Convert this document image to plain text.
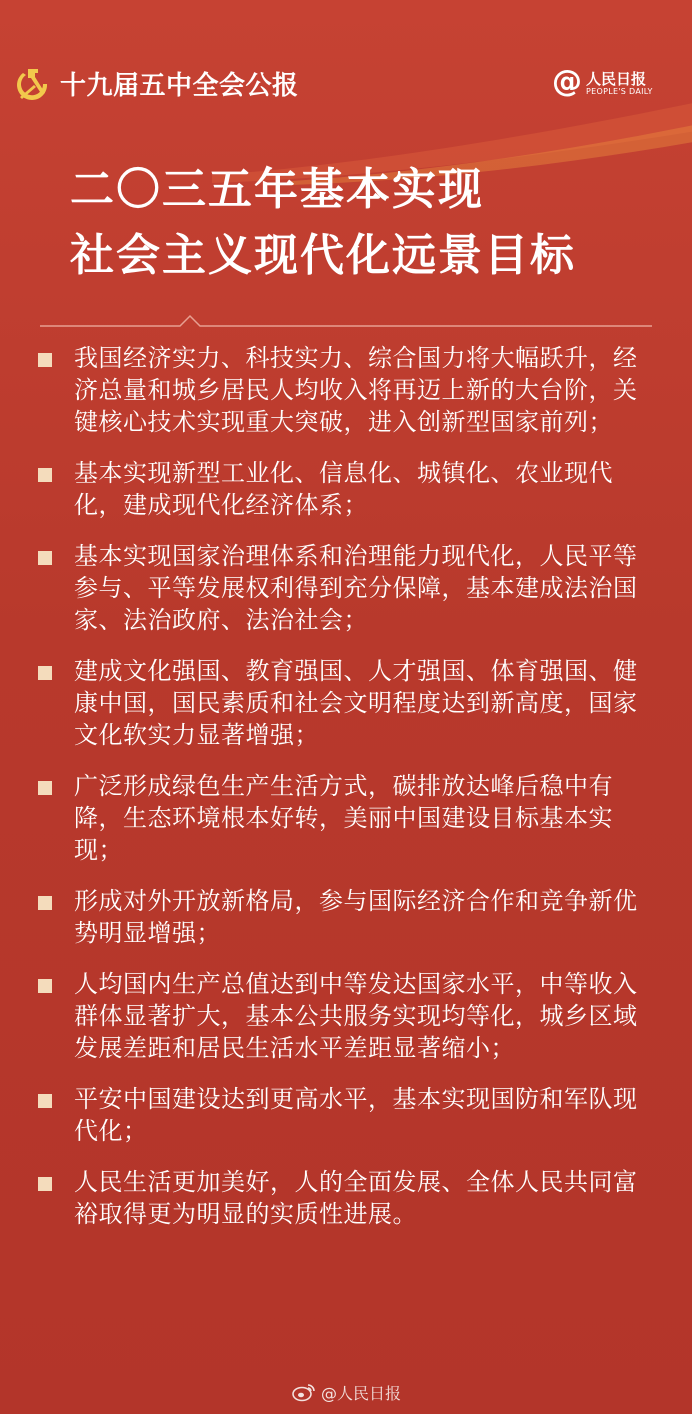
十九届五中全会公报	@ 人民日报
PEOPLE'S DAILY
二〇三五年基本实现
社会主义现代化远景目标
我国经济实力、科技实力、综合国力将大幅跃升，经济总量和城乡居民人均收入将再迈上新的大台阶，关键核心技术实现重大突破，进入创新型国家前列；
基本实现新型工业化、信息化、城镇化、农业现代化，建成现代化经济体系；
基本实现国家治理体系和治理能力现代化，人民平等参与、平等发展权利得到充分保障，基本建成法治国家、法治政府、法治社会；
建成文化强国、教育强国、人才强国、体育强国、健康中国，国民素质和社会文明程度达到新高度，国家文化软实力显著增强；
广泛形成绿色生产生活方式，碳排放达峰后稳中有降，生态环境根本好转，美丽中国建设目标基本实现；
形成对外开放新格局，参与国际经济合作和竞争新优势明显增强；
人均国内生产总值达到中等发达国家水平，中等收入群体显著扩大，基本公共服务实现均等化，城乡区域发展差距和居民生活水平差距显著缩小；
平安中国建设达到更高水平，基本实现国防和军队现代化；
人民生活更加美好，人的全面发展、全体人民共同富裕取得更为明显的实质性进展。
@人民日报
